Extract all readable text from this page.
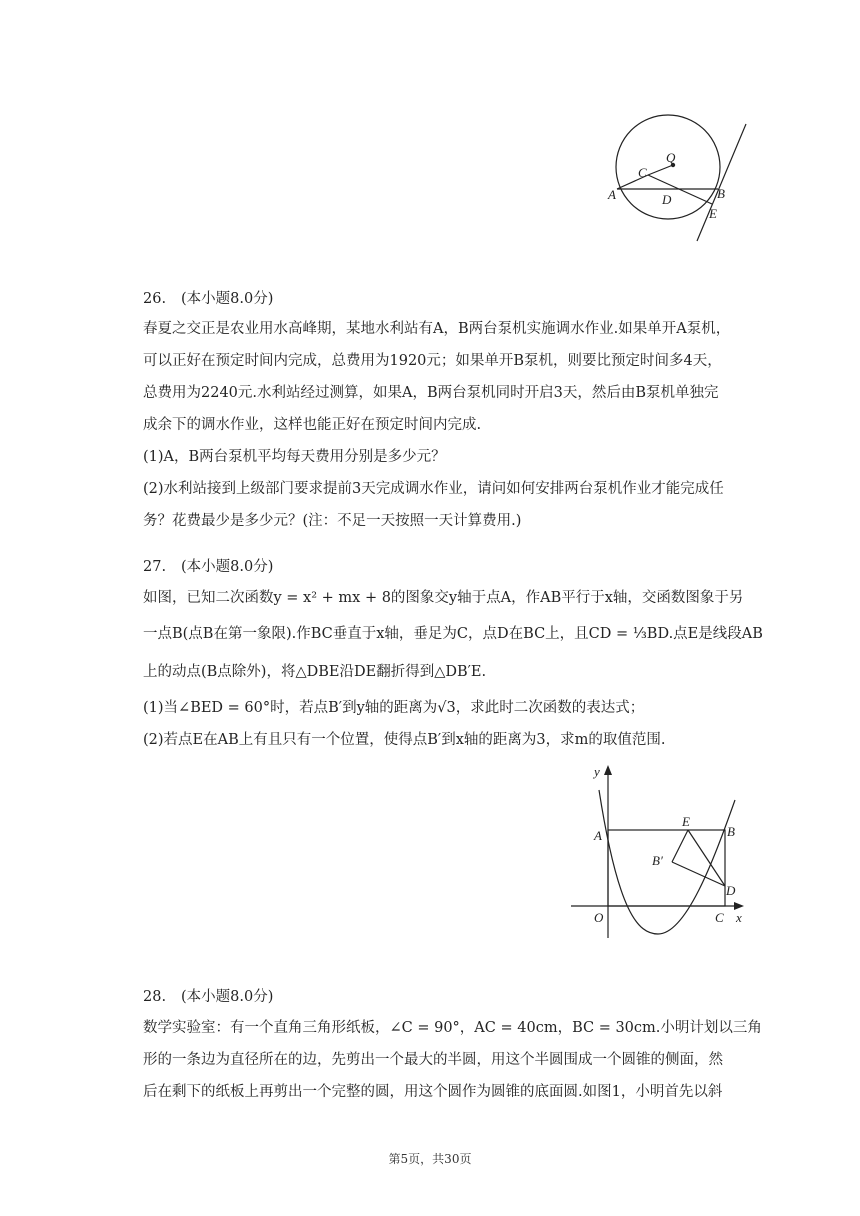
Q
C
A	D	B
E
26. (本小题8.0分)
春夏之交正是农业用水高峰期，某地水利站有A，B两台泵机实施调水作业.如果单开A泵机，
可以正好在预定时间内完成，总费用为1920元；如果单开B泵机，则要比预定时间多4天，
总费用为2240元.水利站经过测算，如果A，B两台泵机同时开启3天，然后由B泵机单独完
成余下的调水作业，这样也能正好在预定时间内完成.
(1)A，B两台泵机平均每天费用分别是多少元？
(2)水利站接到上级部门要求提前3天完成调水作业，请问如何安排两台泵机作业才能完成任
务？花费最少是多少元？(注：不足一天按照一天计算费用.)
27. (本小题8.0分)
如图，已知二次函数y = x² + mx + 8的图象交y轴于点A，作AB平行于x轴，交函数图象于另
一点B(点B在第一象限).作BC垂直于x轴，垂足为C，点D在BC上，且CD = ⅓BD.点E是线段AB
上的动点(B点除外)，将△DBE沿DE翻折得到△DB′E.
(1)当∠BED = 60°时，若点B′到y轴的距离为√3，求此时二次函数的表达式；
(2)若点E在AB上有且只有一个位置，使得点B′到x轴的距离为3，求m的取值范围.
y
A
E
B
B′
D
O	C x
28. (本小题8.0分)
数学实验室：有一个直角三角形纸板，∠C = 90°，AC = 40cm，BC = 30cm.小明计划以三角
形的一条边为直径所在的边，先剪出一个最大的半圆，用这个半圆围成一个圆锥的侧面，然
后在剩下的纸板上再剪出一个完整的圆，用这个圆作为圆锥的底面圆.如图1，小明首先以斜
第5页，共30页
